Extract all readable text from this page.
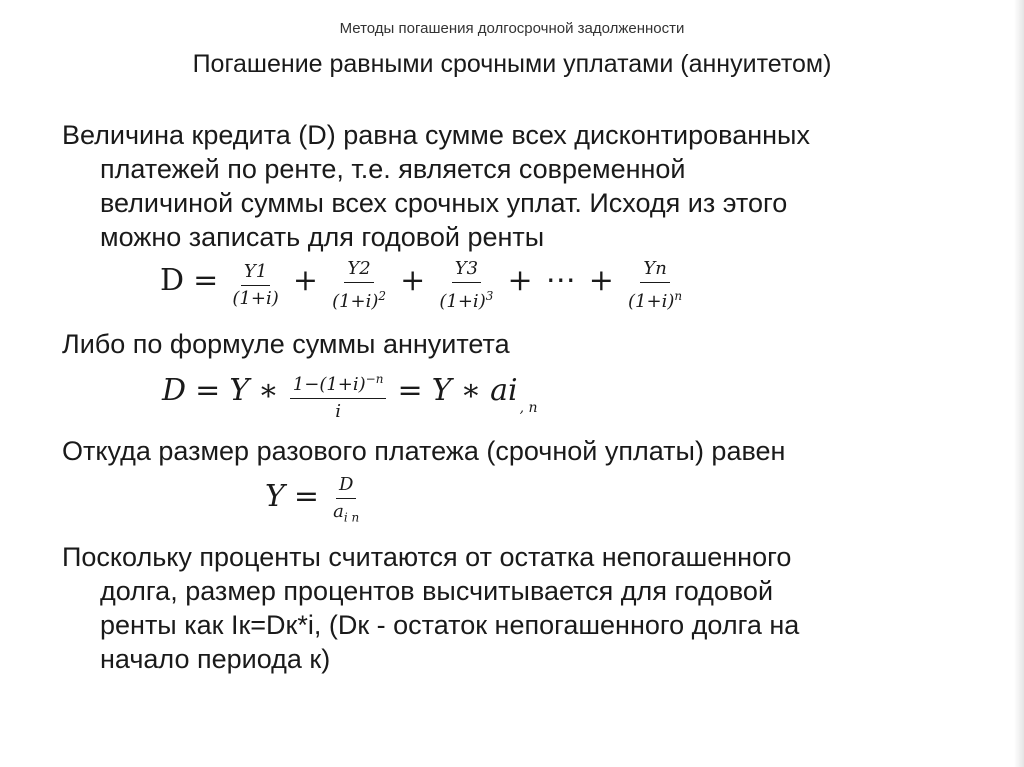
Методы погашения долгосрочной задолженности
Погашение равными срочными уплатами (аннуитетом)
Величина кредита (D) равна сумме всех дисконтированных
платежей по ренте, т.е. является современной
величиной суммы всех срочных уплат. Исходя из этого
можно записать для годовой ренты
$D = \frac{Y1}{(1+i)} + \frac{Y2}{(1+i)^2} + \frac{Y3}{(1+i)^3}$ + ⋯ + $\frac{Yn}{(1+i)^n}$
Либо по формуле суммы аннуитета
D = Y ∗ $\frac{1-(1+i)^{-n}}{i} = Y$ ∗ ai , n
Откуда размер разового платежа (срочной уплаты) равен
$Y = \frac{D}{a_{i n}}$
Поскольку проценты считаются от остатка непогашенного
долга, размер процентов высчитывается для годовой
ренты как Iк=Dк*i, (Dк - остаток непогашенного долга на
начало периода к)
